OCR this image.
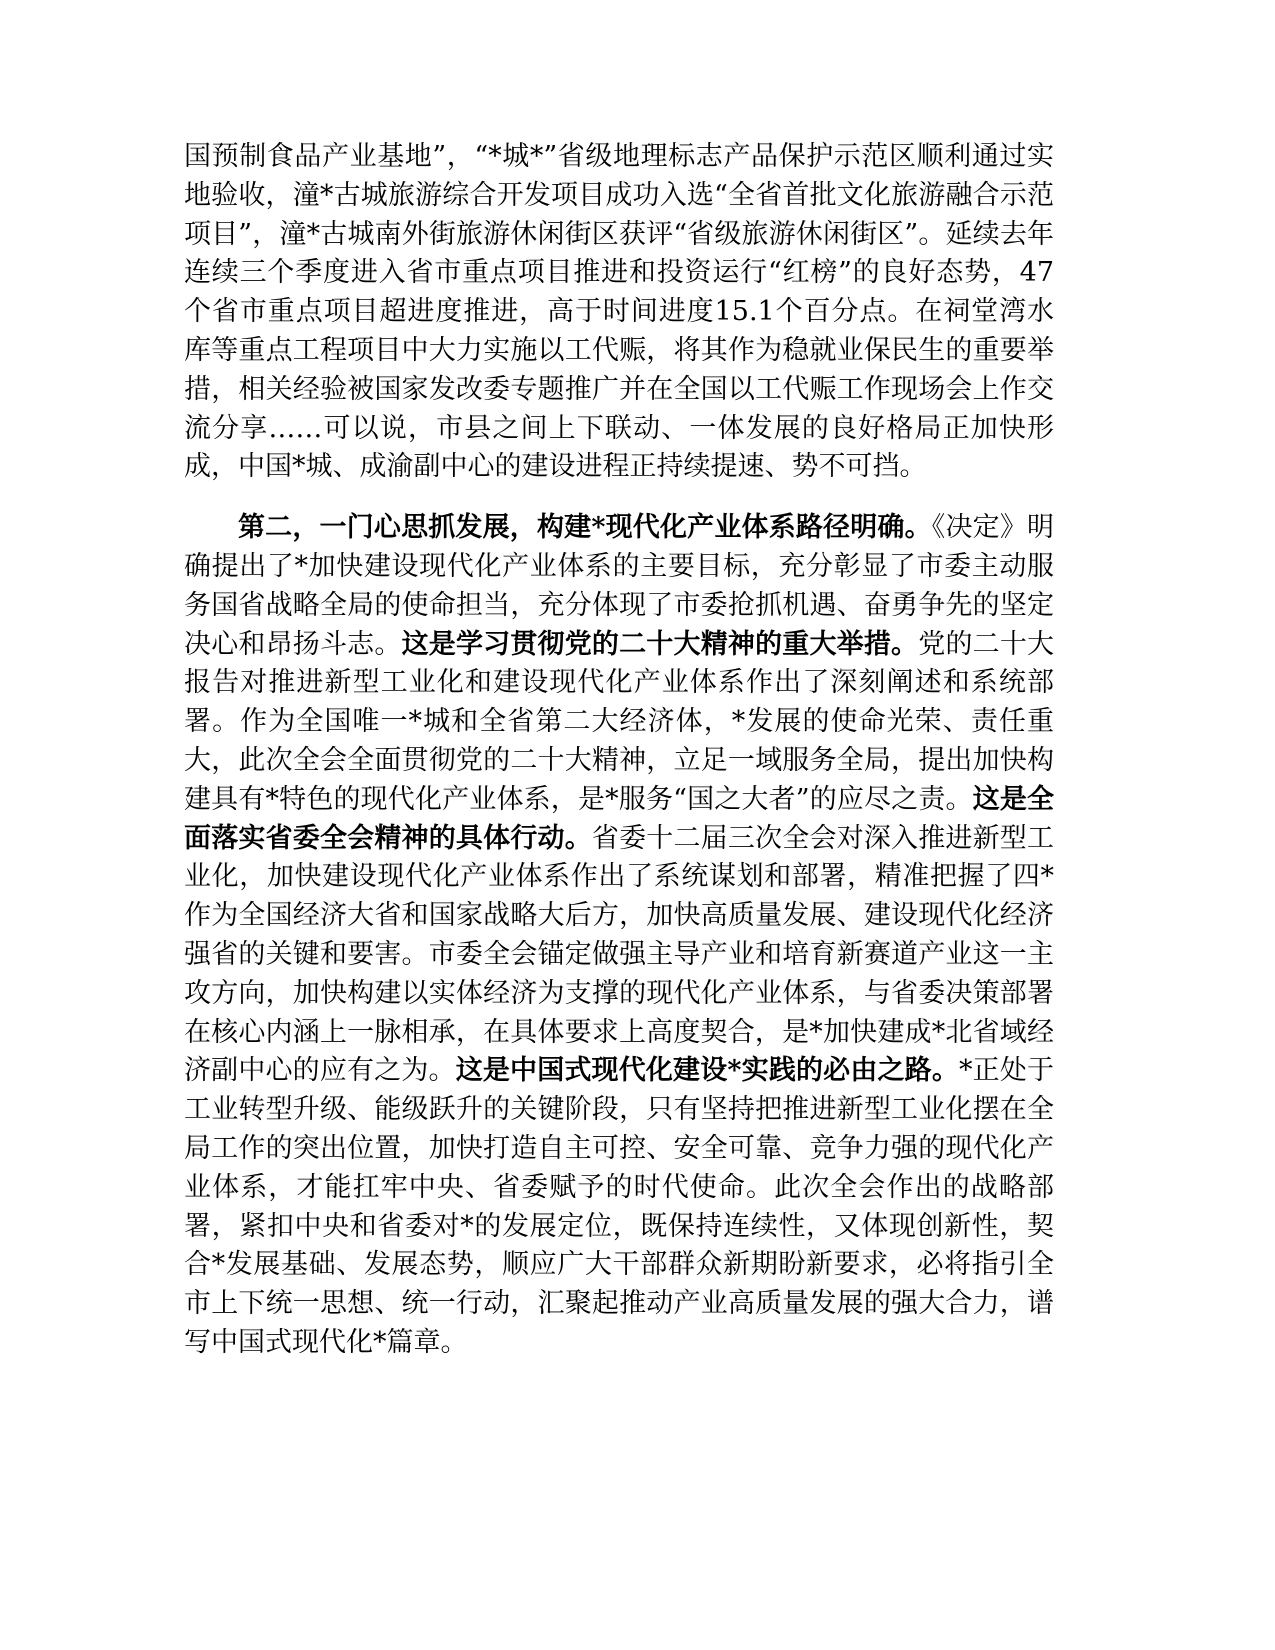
国预制食品产业基地”，“*城*”省级地理标志产品保护示范区顺利通过实地验收，潼*古城旅游综合开发项目成功入选“全省首批文化旅游融合示范项目”，潼*古城南外街旅游休闲街区获评“省级旅游休闲街区”。延续去年连续三个季度进入省市重点项目推进和投资运行“红榜”的良好态势，47个省市重点项目超进度推进，高于时间进度15.1个百分点。在祠堂湾水库等重点工程项目中大力实施以工代赈，将其作为稳就业保民生的重要举措，相关经验被国家发改委专题推广并在全国以工代赈工作现场会上作交流分享……可以说，市县之间上下联动、一体发展的良好格局正加快形成，中国*城、成渝副中心的建设进程正持续提速、势不可挡。

第二，一门心思抓发展，构建*现代化产业体系路径明确。《决定》明确提出了*加快建设现代化产业体系的主要目标，充分彰显了市委主动服务国省战略全局的使命担当，充分体现了市委抢抓机遇、奋勇争先的坚定决心和昂扬斗志。这是学习贯彻党的二十大精神的重大举措。党的二十大报告对推进新型工业化和建设现代化产业体系作出了深刻阐述和系统部署。作为全国唯一*城和全省第二大经济体，*发展的使命光荣、责任重大，此次全会全面贯彻党的二十大精神，立足一域服务全局，提出加快构建具有*特色的现代化产业体系，是*服务“国之大者”的应尽之责。这是全面落实省委全会精神的具体行动。省委十二届三次全会对深入推进新型工业化，加快建设现代化产业体系作出了系统谋划和部署，精准把握了四*作为全国经济大省和国家战略大后方，加快高质量发展、建设现代化经济强省的关键和要害。市委全会锚定做强主导产业和培育新赛道产业这一主攻方向，加快构建以实体经济为支撑的现代化产业体系，与省委决策部署在核心内涵上一脉相承，在具体要求上高度契合，是*加快建成*北省域经济副中心的应有之为。这是中国式现代化建设*实践的必由之路。*正处于工业转型升级、能级跃升的关键阶段，只有坚持把推进新型工业化摆在全局工作的突出位置，加快打造自主可控、安全可靠、竞争力强的现代化产业体系，才能扛牢中央、省委赋予的时代使命。此次全会作出的战略部署，紧扣中央和省委对*的发展定位，既保持连续性，又体现创新性，契合*发展基础、发展态势，顺应广大干部群众新期盼新要求，必将指引全市上下统一思想、统一行动，汇聚起推动产业高质量发展的强大合力，谱写中国式现代化*篇章。
